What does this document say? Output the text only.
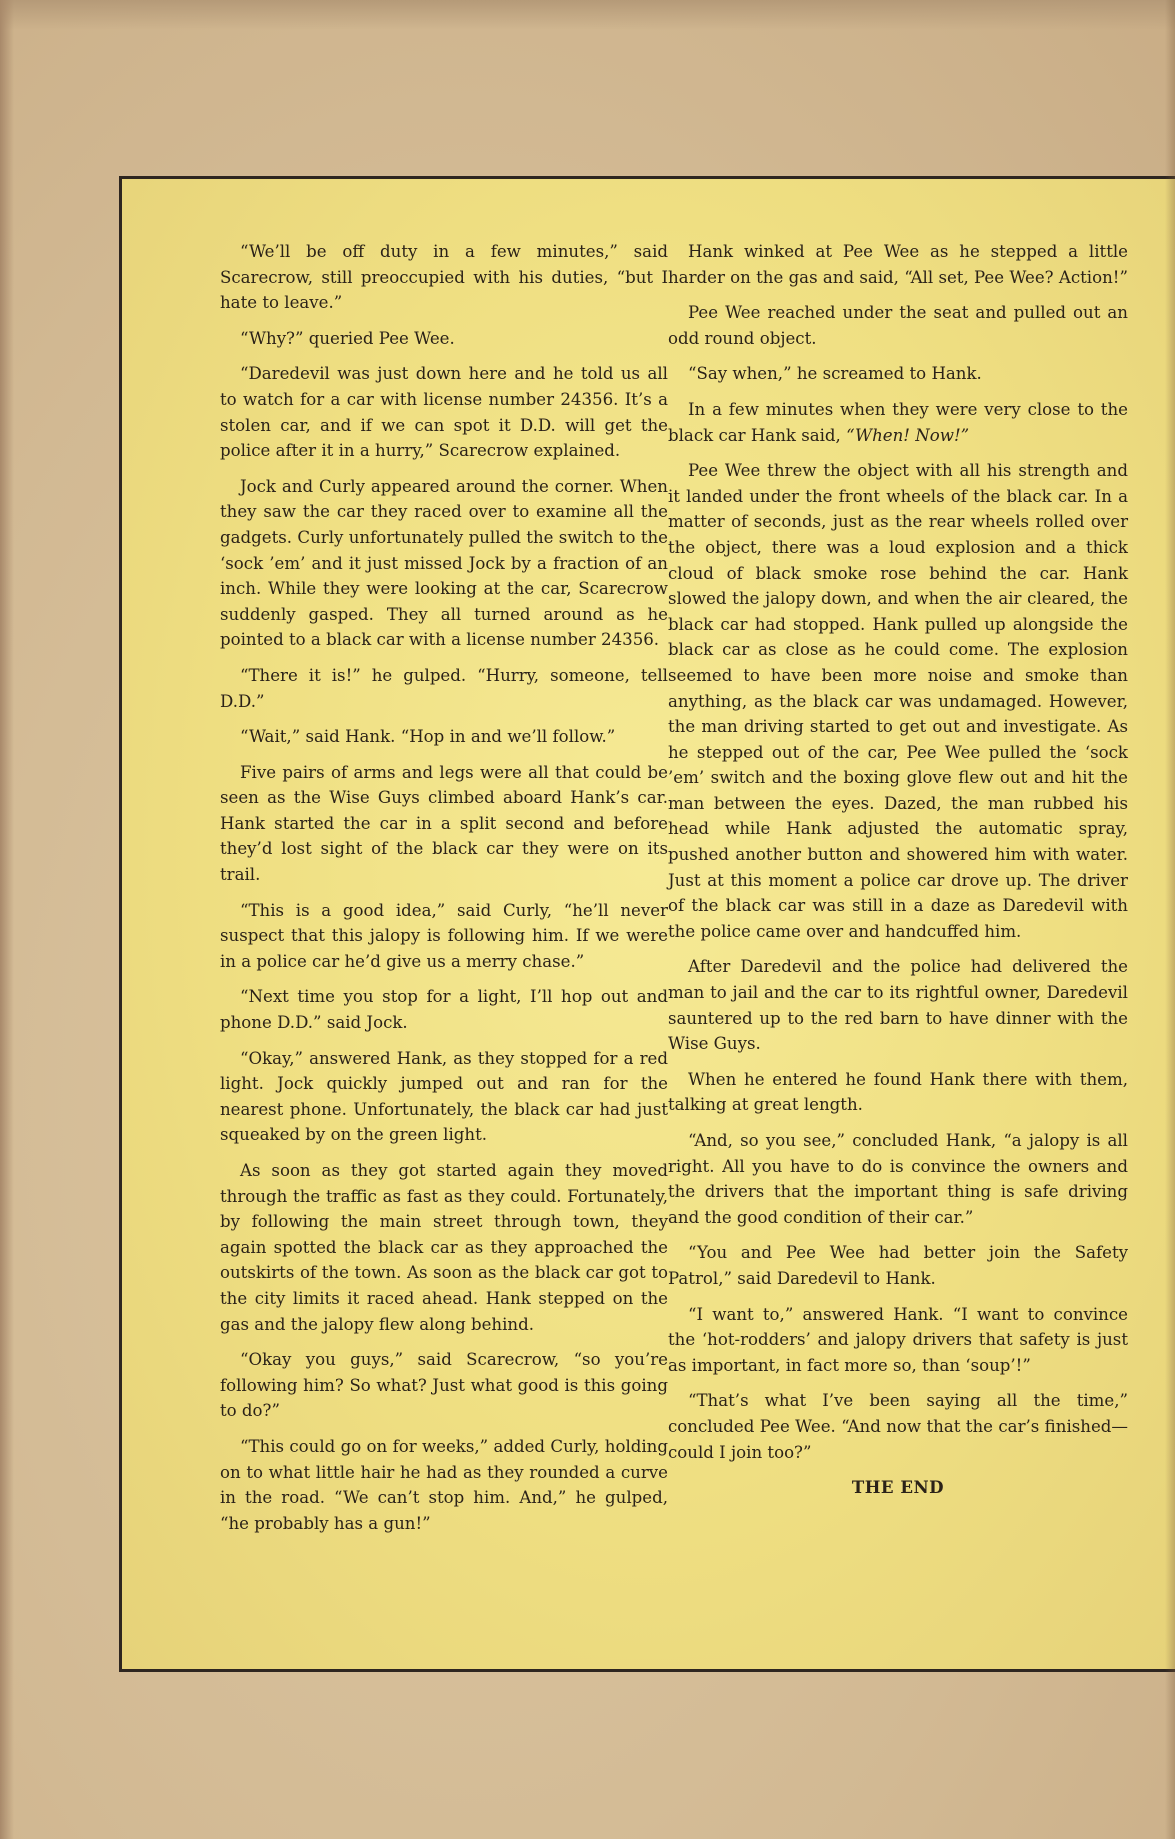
“We’ll be off duty in a few minutes,” said Scarecrow, still preoccupied with his duties, “but I hate to leave.”

“Why?” queried Pee Wee.

“Daredevil was just down here and he told us all to watch for a car with license number 24356. It’s a stolen car, and if we can spot it D.D. will get the police after it in a hurry,” Scarecrow explained.

Jock and Curly appeared around the corner. When they saw the car they raced over to examine all the gadgets. Curly unfortunately pulled the switch to the ‘sock ’em’ and it just missed Jock by a fraction of an inch. While they were looking at the car, Scarecrow suddenly gasped. They all turned around as he pointed to a black car with a license number 24356.

“There it is!” he gulped. “Hurry, someone, tell D.D.”

“Wait,” said Hank. “Hop in and we’ll follow.”

Five pairs of arms and legs were all that could be seen as the Wise Guys climbed aboard Hank’s car. Hank started the car in a split second and before they’d lost sight of the black car they were on its trail.

“This is a good idea,” said Curly, “he’ll never suspect that this jalopy is following him. If we were in a police car he’d give us a merry chase.”

“Next time you stop for a light, I’ll hop out and phone D.D.” said Jock.

“Okay,” answered Hank, as they stopped for a red light. Jock quickly jumped out and ran for the nearest phone. Unfortunately, the black car had just squeaked by on the green light.

As soon as they got started again they moved through the traffic as fast as they could. Fortunately, by following the main street through town, they again spotted the black car as they approached the outskirts of the town. As soon as the black car got to the city limits it raced ahead. Hank stepped on the gas and the jalopy flew along behind.

“Okay you guys,” said Scarecrow, “so you’re following him? So what? Just what good is this going to do?”

“This could go on for weeks,” added Curly, holding on to what little hair he had as they rounded a curve in the road. “We can’t stop him. And,” he gulped, “he probably has a gun!”

Hank winked at Pee Wee as he stepped a little harder on the gas and said, “All set, Pee Wee? Action!”

Pee Wee reached under the seat and pulled out an odd round object.

“Say when,” he screamed to Hank.

In a few minutes when they were very close to the black car Hank said, “When! Now!”

Pee Wee threw the object with all his strength and it landed under the front wheels of the black car. In a matter of seconds, just as the rear wheels rolled over the object, there was a loud explosion and a thick cloud of black smoke rose behind the car. Hank slowed the jalopy down, and when the air cleared, the black car had stopped. Hank pulled up alongside the black car as close as he could come. The explosion seemed to have been more noise and smoke than anything, as the black car was undamaged. However, the man driving started to get out and investigate. As he stepped out of the car, Pee Wee pulled the ‘sock ’em’ switch and the boxing glove flew out and hit the man between the eyes. Dazed, the man rubbed his head while Hank adjusted the automatic spray, pushed another button and showered him with water. Just at this moment a police car drove up. The driver of the black car was still in a daze as Daredevil with the police came over and handcuffed him.

After Daredevil and the police had delivered the man to jail and the car to its rightful owner, Daredevil sauntered up to the red barn to have dinner with the Wise Guys.

When he entered he found Hank there with them, talking at great length.

“And, so you see,” concluded Hank, “a jalopy is all right. All you have to do is convince the owners and the drivers that the important thing is safe driving and the good condition of their car.”

“You and Pee Wee had better join the Safety Patrol,” said Daredevil to Hank.

“I want to,” answered Hank. “I want to convince the ‘hot-rodders’ and jalopy drivers that safety is just as important, in fact more so, than ‘soup’!”

“That’s what I’ve been saying all the time,” concluded Pee Wee. “And now that the car’s finished—could I join too?”

THE END
